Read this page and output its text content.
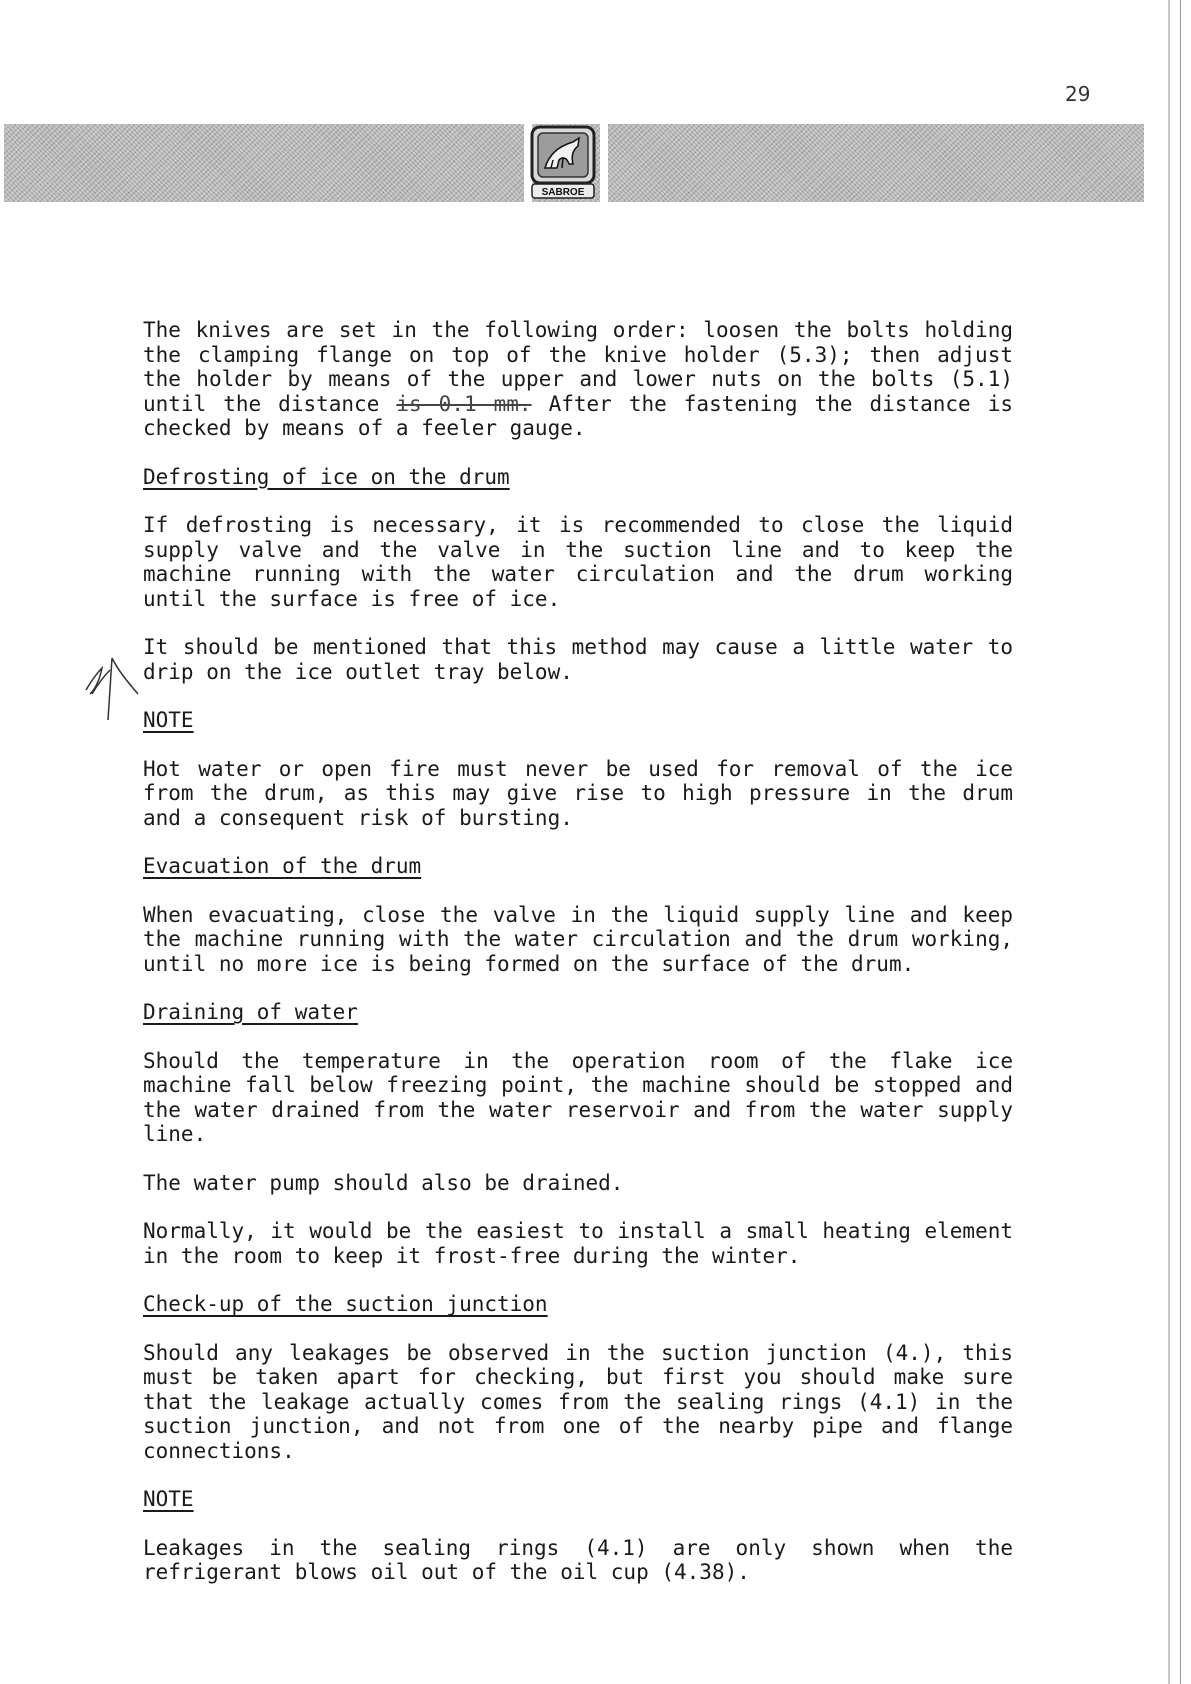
29
SABROE

The knives are set in the following order: loosen the bolts holding the clamping flange on top of the knive holder (5.3); then adjust the holder by means of the upper and lower nuts on the bolts (5.1) until the distance is 0.1 mm. After the fastening the distance is checked by means of a feeler gauge.

Defrosting of ice on the drum

If defrosting is necessary, it is recommended to close the liquid supply valve and the valve in the suction line and to keep the machine running with the water circulation and the drum working until the surface is free of ice.

It should be mentioned that this method may cause a little water to drip on the ice outlet tray below.

NOTE

Hot water or open fire must never be used for removal of the ice from the drum, as this may give rise to high pressure in the drum and a consequent risk of bursting.

Evacuation of the drum

When evacuating, close the valve in the liquid supply line and keep the machine running with the water circulation and the drum working, until no more ice is being formed on the surface of the drum.

Draining of water

Should the temperature in the operation room of the flake ice machine fall below freezing point, the machine should be stopped and the water drained from the water reservoir and from the water supply line.

The water pump should also be drained.

Normally, it would be the easiest to install a small heating element in the room to keep it frost-free during the winter.

Check-up of the suction junction

Should any leakages be observed in the suction junction (4.), this must be taken apart for checking, but first you should make sure that the leakage actually comes from the sealing rings (4.1) in the suction junction, and not from one of the nearby pipe and flange connections.

NOTE

Leakages in the sealing rings (4.1) are only shown when the refrigerant blows oil out of the oil cup (4.38).
